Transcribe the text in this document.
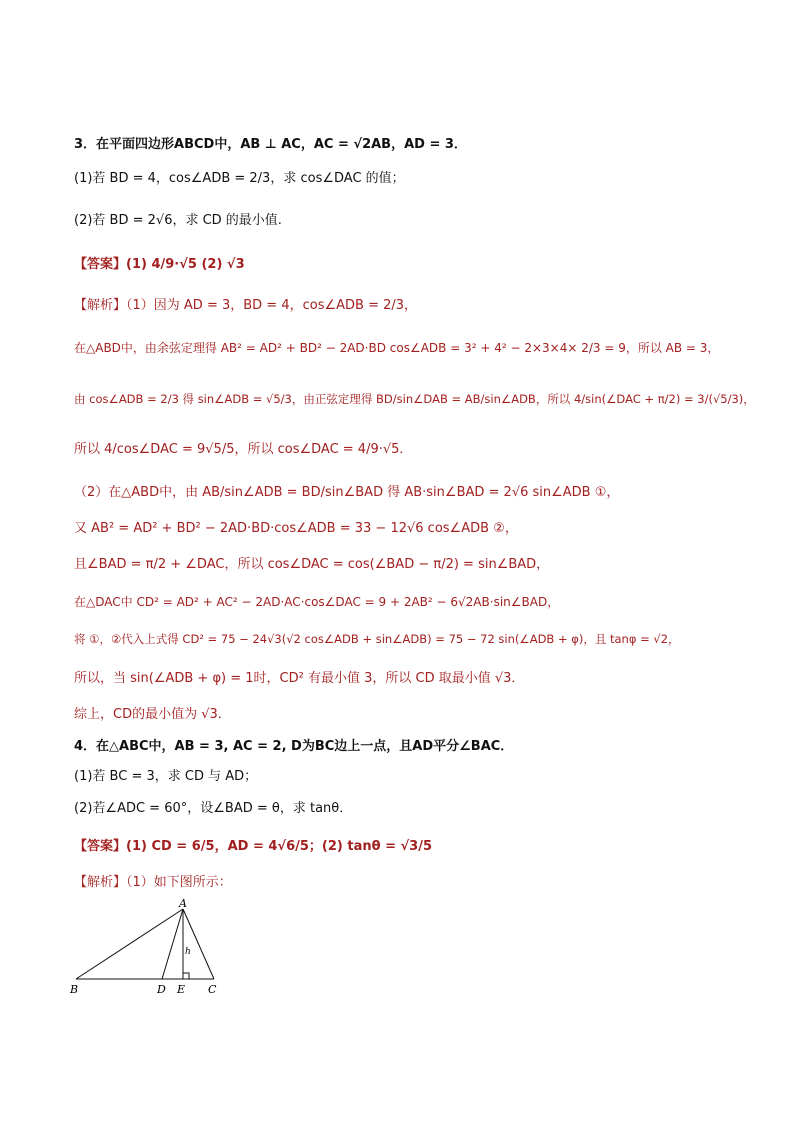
3．在平面四边形ABCD中，AB ⊥ AC，AC = √2AB，AD = 3．
(1)若 BD = 4，cos∠ADB = 2/3，求 cos∠DAC 的值；
(2)若 BD = 2√6，求 CD 的最小值.
【答案】(1) 4/9·√5 (2) √3
【解析】（1）因为 AD = 3，BD = 4，cos∠ADB = 2/3，
在△ABD中，由余弦定理得 AB² = AD² + BD² − 2AD·BD cos∠ADB = 3² + 4² − 2×3×4× 2/3 = 9，所以 AB = 3，
由 cos∠ADB = 2/3 得 sin∠ADB = √5/3，由正弦定理得 BD/sin∠DAB = AB/sin∠ADB，所以 4/sin(∠DAC + π/2) = 3/(√5/3)，
所以 4/cos∠DAC = 9√5/5，所以 cos∠DAC = 4/9·√5．
（2）在△ABD中，由 AB/sin∠ADB = BD/sin∠BAD 得 AB·sin∠BAD = 2√6 sin∠ADB ①，
又 AB² = AD² + BD² − 2AD·BD·cos∠ADB = 33 − 12√6 cos∠ADB ②，
且∠BAD = π/2 + ∠DAC，所以 cos∠DAC = cos(∠BAD − π/2) = sin∠BAD，
在△DAC中 CD² = AD² + AC² − 2AD·AC·cos∠DAC = 9 + 2AB² − 6√2AB·sin∠BAD，
将 ①，②代入上式得 CD² = 75 − 24√3(√2 cos∠ADB + sin∠ADB) = 75 − 72 sin(∠ADB + φ)，且 tanφ = √2，
所以，当 sin(∠ADB + φ) = 1时，CD² 有最小值 3，所以 CD 取最小值 √3．
综上，CD的最小值为 √3．
4．在△ABC中，AB = 3, AC = 2, D为BC边上一点，且AD平分∠BAC．
(1)若 BC = 3，求 CD 与 AD；
(2)若∠ADC = 60°，设∠BAD = θ，求 tanθ．
【答案】(1) CD = 6/5，AD = 4√6/5；(2) tanθ = √3/5
【解析】（1）如下图所示：
A
B	C
D E
h
